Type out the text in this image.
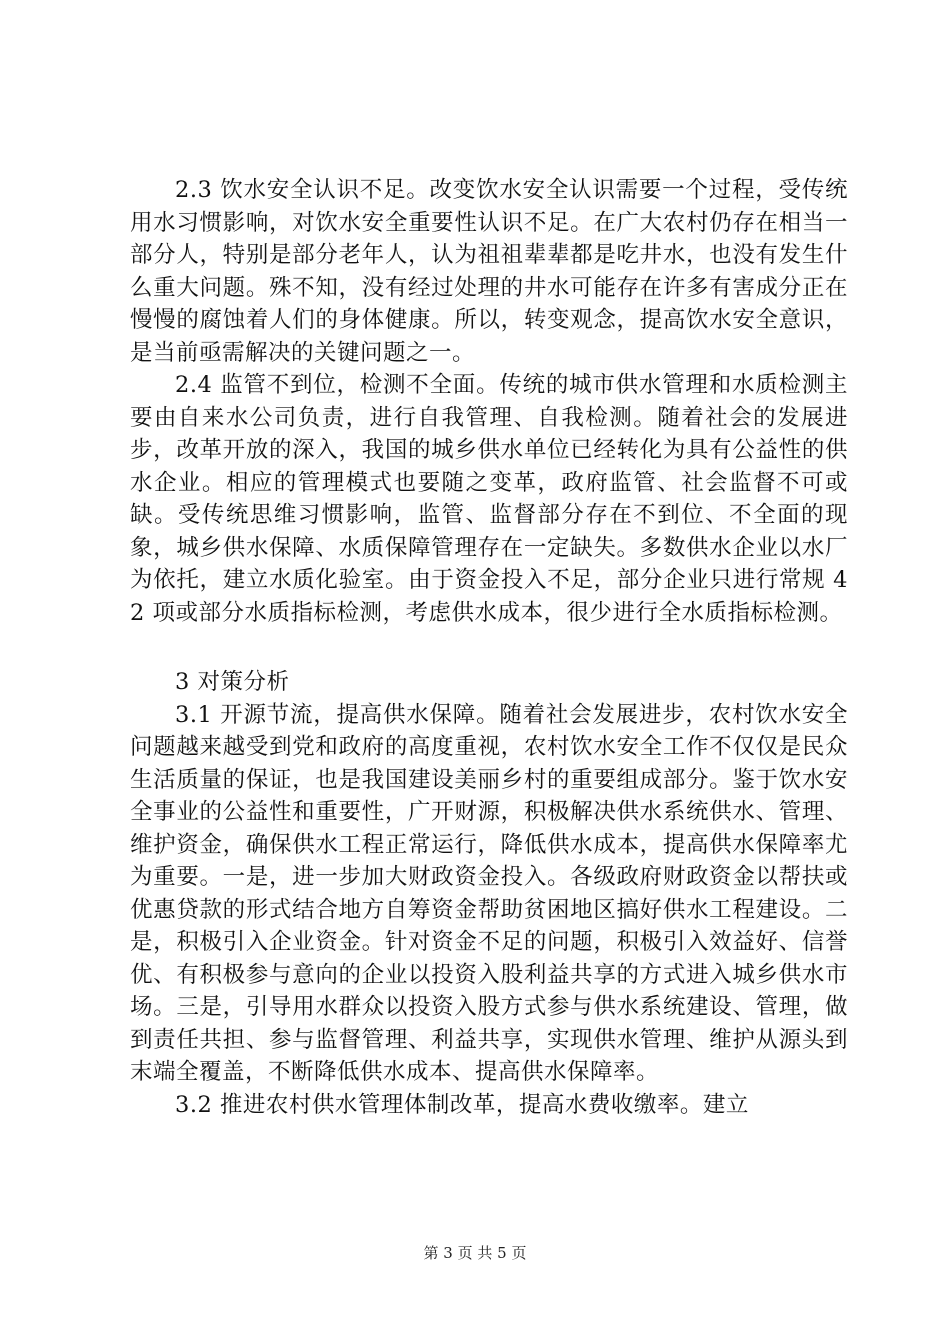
2.3 饮水安全认识不足。改变饮水安全认识需要一个过程，受传统用水习惯影响，对饮水安全重要性认识不足。在广大农村仍存在相当一部分人，特别是部分老年人，认为祖祖辈辈都是吃井水，也没有发生什么重大问题。殊不知，没有经过处理的井水可能存在许多有害成分正在慢慢的腐蚀着人们的身体健康。所以，转变观念，提高饮水安全意识，是当前亟需解决的关键问题之一。

2.4 监管不到位，检测不全面。传统的城市供水管理和水质检测主要由自来水公司负责，进行自我管理、自我检测。随着社会的发展进步，改革开放的深入，我国的城乡供水单位已经转化为具有公益性的供水企业。相应的管理模式也要随之变革，政府监管、社会监督不可或缺。受传统思维习惯影响，监管、监督部分存在不到位、不全面的现象，城乡供水保障、水质保障管理存在一定缺失。多数供水企业以水厂为依托，建立水质化验室。由于资金投入不足，部分企业只进行常规 42 项或部分水质指标检测，考虑供水成本，很少进行全水质指标检测。

3 对策分析

3.1 开源节流，提高供水保障。随着社会发展进步，农村饮水安全问题越来越受到党和政府的高度重视，农村饮水安全工作不仅仅是民众生活质量的保证，也是我国建设美丽乡村的重要组成部分。鉴于饮水安全事业的公益性和重要性，广开财源，积极解决供水系统供水、管理、维护资金，确保供水工程正常运行，降低供水成本，提高供水保障率尤为重要。一是，进一步加大财政资金投入。各级政府财政资金以帮扶或优惠贷款的形式结合地方自筹资金帮助贫困地区搞好供水工程建设。二是，积极引入企业资金。针对资金不足的问题，积极引入效益好、信誉优、有积极参与意向的企业以投资入股利益共享的方式进入城乡供水市场。三是，引导用水群众以投资入股方式参与供水系统建设、管理，做到责任共担、参与监督管理、利益共享，实现供水管理、维护从源头到末端全覆盖，不断降低供水成本、提高供水保障率。

3.2 推进农村供水管理体制改革，提高水费收缴率。建立

第 3 页 共 5 页
